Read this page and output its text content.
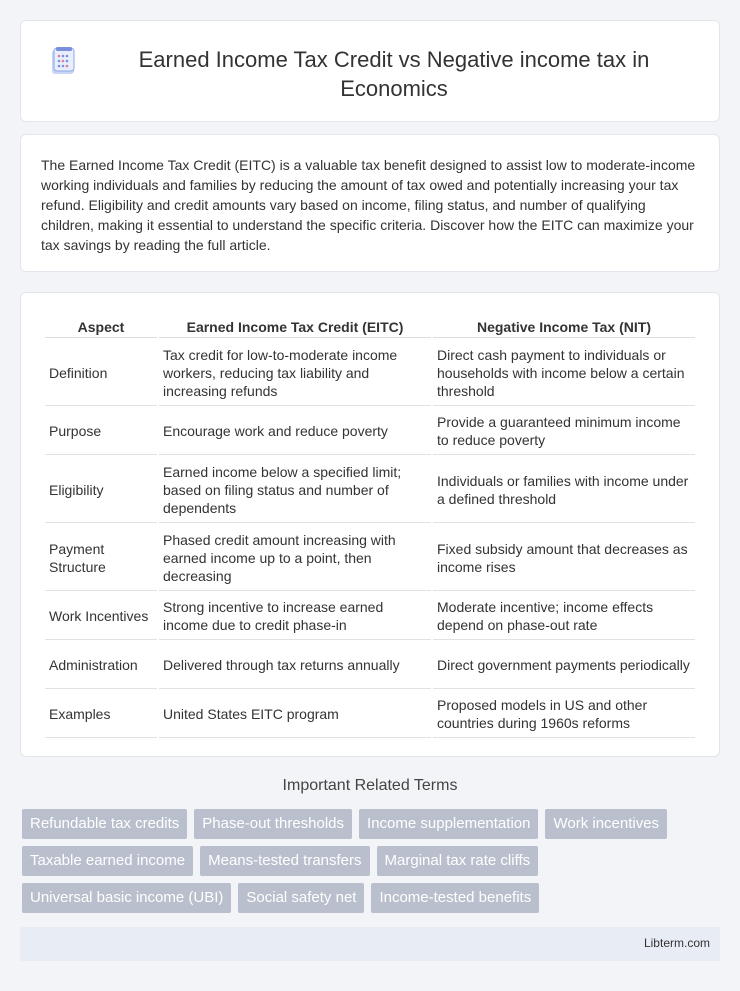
Earned Income Tax Credit vs Negative income tax in Economics

The Earned Income Tax Credit (EITC) is a valuable tax benefit designed to assist low to moderate-income working individuals and families by reducing the amount of tax owed and potentially increasing your tax refund. Eligibility and credit amounts vary based on income, filing status, and number of qualifying children, making it essential to understand the specific criteria. Discover how the EITC can maximize your tax savings by reading the full article.

Aspect	Earned Income Tax Credit (EITC)	Negative Income Tax (NIT)
Definition	Tax credit for low-to-moderate income workers, reducing tax liability and increasing refunds	Direct cash payment to individuals or households with income below a certain threshold
Purpose	Encourage work and reduce poverty	Provide a guaranteed minimum income to reduce poverty
Eligibility	Earned income below a specified limit; based on filing status and number of dependents	Individuals or families with income under a defined threshold
Payment Structure	Phased credit amount increasing with earned income up to a point, then decreasing	Fixed subsidy amount that decreases as income rises
Work Incentives	Strong incentive to increase earned income due to credit phase-in	Moderate incentive; income effects depend on phase-out rate
Administration	Delivered through tax returns annually	Direct government payments periodically
Examples	United States EITC program	Proposed models in US and other countries during 1960s reforms
Important Related Terms
Refundable tax credits	Phase-out thresholds	Income supplementation	Work incentives
Taxable earned income	Means-tested transfers	Marginal tax rate cliffs
Universal basic income (UBI)	Social safety net	Income-tested benefits
Libterm.com
